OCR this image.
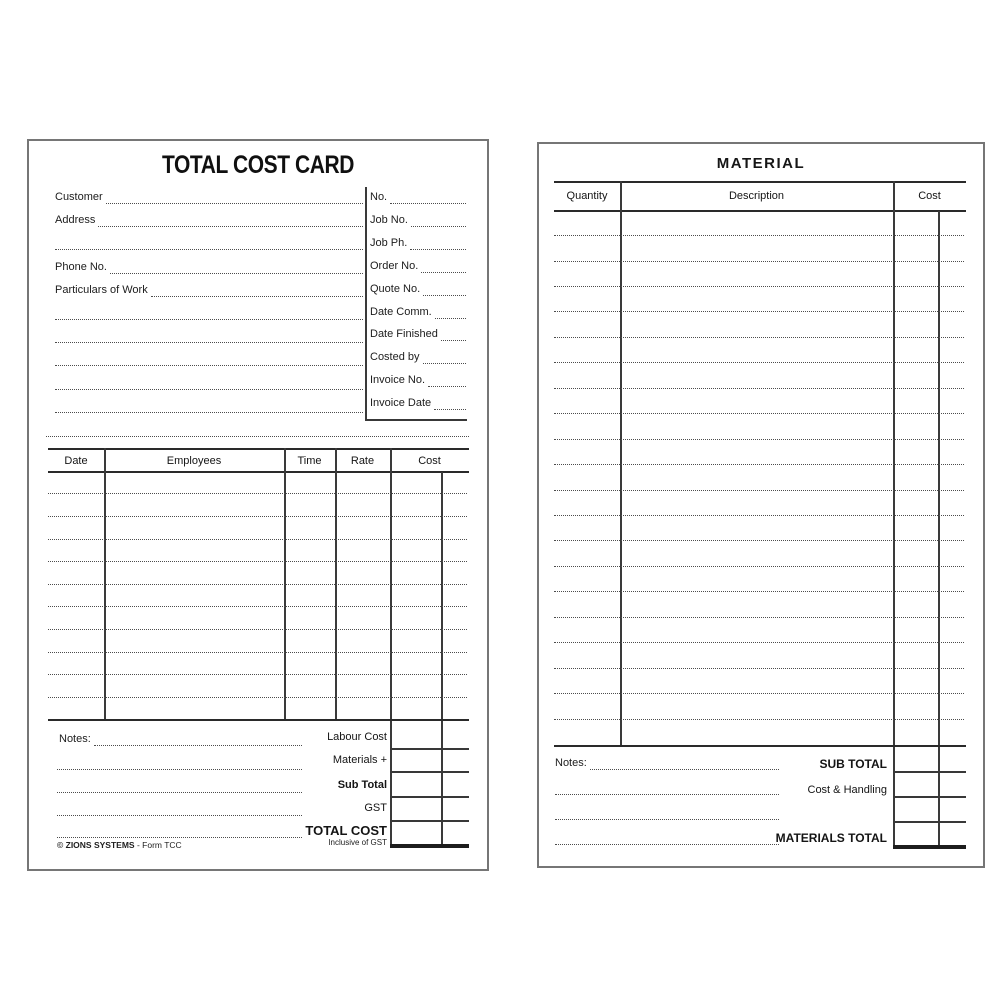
TOTAL COST CARD
Customer
Address
Phone No.
Particulars of Work
No.
Job No.
Job Ph.
Order No.
Quote No.
Date Comm.
Date Finished
Costed by
Invoice No.
Invoice Date
Date	Employees	Time	Rate	Cost
Notes:	Labour Cost
Materials +
Sub Total
GST
TOTAL COST
Inclusive of GST
© ZIONS SYSTEMS - Form TCC
MATERIAL
Quantity	Description	Cost
Notes:	SUB TOTAL
Cost & Handling
MATERIALS TOTAL
